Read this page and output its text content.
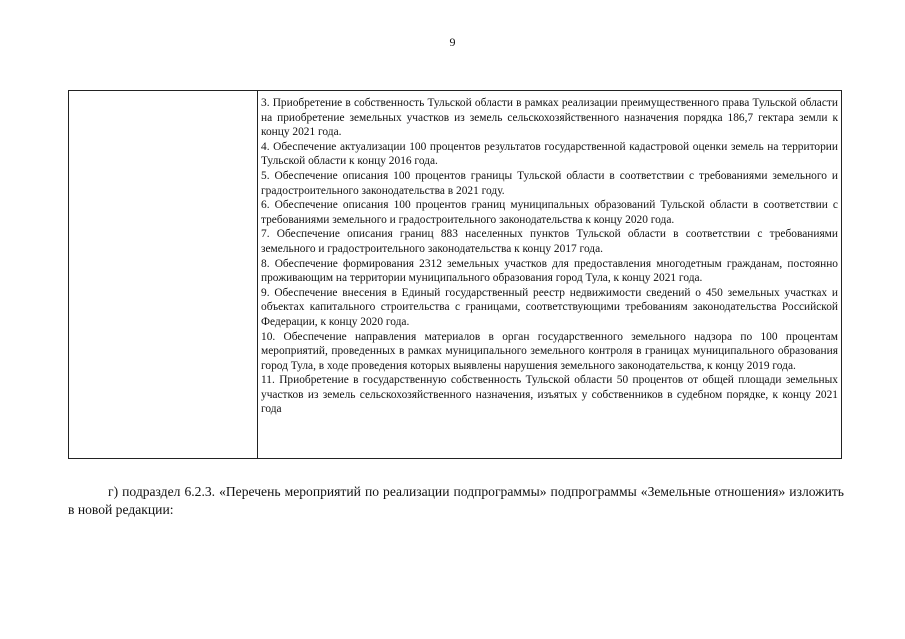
9

3. Приобретение в собственность Тульской области в рамках реализации преимущественного права Тульской области на приобретение земельных участков из земель сельскохозяйственного назначения порядка 186,7 гектара земли к концу 2021 года.

4. Обеспечение актуализации 100 процентов результатов государственной кадастровой оценки земель на территории Тульской области к концу 2016 года.

5. Обеспечение описания 100 процентов границы Тульской области в соответствии с требованиями земельного и градостроительного законодательства в 2021 году.

6. Обеспечение описания 100 процентов границ муниципальных образований Тульской области в соответствии с требованиями земельного и градостроительного законодательства к концу 2020 года.

7. Обеспечение описания границ 883 населенных пунктов Тульской области в соответствии с требованиями земельного и градостроительного законодательства к концу 2017 года.

8. Обеспечение формирования 2312 земельных участков для предоставления многодетным гражданам, постоянно проживающим на территории муниципального образования город Тула, к концу 2021 года.

9. Обеспечение внесения в Единый государственный реестр недвижимости сведений о 450 земельных участках и объектах капитального строительства с границами, соответствующими требованиям законодательства Российской Федерации, к концу 2020 года.

10. Обеспечение направления материалов в орган государственного земельного надзора по 100 процентам мероприятий, проведенных в рамках муниципального земельного контроля в границах муниципального образования город Тула, в ходе проведения которых выявлены нарушения земельного законодательства, к концу 2019 года.

11. Приобретение в государственную собственность Тульской области 50 процентов от общей площади земельных участков из земель сельскохозяйственного назначения, изъятых у собственников в судебном порядке, к концу 2021 года

г) подраздел 6.2.3. «Перечень мероприятий по реализации подпрограммы» подпрограммы «Земельные отношения» изложить в новой редакции:
